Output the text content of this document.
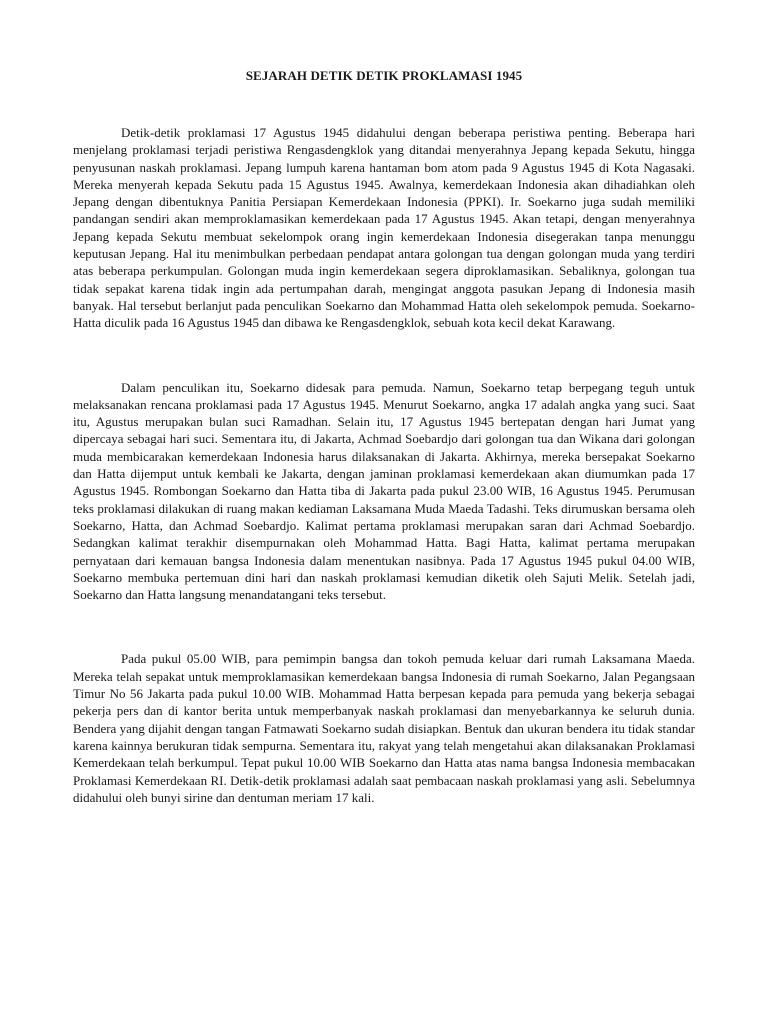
SEJARAH DETIK DETIK PROKLAMASI 1945

Detik-detik proklamasi 17 Agustus 1945 didahului dengan beberapa peristiwa penting. Beberapa hari menjelang proklamasi terjadi peristiwa Rengasdengklok yang ditandai menyerahnya Jepang kepada Sekutu, hingga penyusunan naskah proklamasi. Jepang lumpuh karena hantaman bom atom pada 9 Agustus 1945 di Kota Nagasaki. Mereka menyerah kepada Sekutu pada 15 Agustus 1945. Awalnya, kemerdekaan Indonesia akan dihadiahkan oleh Jepang dengan dibentuknya Panitia Persiapan Kemerdekaan Indonesia (PPKI). Ir. Soekarno juga sudah memiliki pandangan sendiri akan memproklamasikan kemerdekaan pada 17 Agustus 1945. Akan tetapi, dengan menyerahnya Jepang kepada Sekutu membuat sekelompok orang ingin kemerdekaan Indonesia disegerakan tanpa menunggu keputusan Jepang. Hal itu menimbulkan perbedaan pendapat antara golongan tua dengan golongan muda yang terdiri atas beberapa perkumpulan. Golongan muda ingin kemerdekaan segera diproklamasikan. Sebaliknya, golongan tua tidak sepakat karena tidak ingin ada pertumpahan darah, mengingat anggota pasukan Jepang di Indonesia masih banyak. Hal tersebut berlanjut pada penculikan Soekarno dan Mohammad Hatta oleh sekelompok pemuda. Soekarno-Hatta diculik pada 16 Agustus 1945 dan dibawa ke Rengasdengklok, sebuah kota kecil dekat Karawang.

Dalam penculikan itu, Soekarno didesak para pemuda. Namun, Soekarno tetap berpegang teguh untuk melaksanakan rencana proklamasi pada 17 Agustus 1945. Menurut Soekarno, angka 17 adalah angka yang suci. Saat itu, Agustus merupakan bulan suci Ramadhan. Selain itu, 17 Agustus 1945 bertepatan dengan hari Jumat yang dipercaya sebagai hari suci. Sementara itu, di Jakarta, Achmad Soebardjo dari golongan tua dan Wikana dari golongan muda membicarakan kemerdekaan Indonesia harus dilaksanakan di Jakarta. Akhirnya, mereka bersepakat Soekarno dan Hatta dijemput untuk kembali ke Jakarta, dengan jaminan proklamasi kemerdekaan akan diumumkan pada 17 Agustus 1945. Rombongan Soekarno dan Hatta tiba di Jakarta pada pukul 23.00 WIB, 16 Agustus 1945. Perumusan teks proklamasi dilakukan di ruang makan kediaman Laksamana Muda Maeda Tadashi. Teks dirumuskan bersama oleh Soekarno, Hatta, dan Achmad Soebardjo. Kalimat pertama proklamasi merupakan saran dari Achmad Soebardjo. Sedangkan kalimat terakhir disempurnakan oleh Mohammad Hatta. Bagi Hatta, kalimat pertama merupakan pernyataan dari kemauan bangsa Indonesia dalam menentukan nasibnya. Pada 17 Agustus 1945 pukul 04.00 WIB, Soekarno membuka pertemuan dini hari dan naskah proklamasi kemudian diketik oleh Sajuti Melik. Setelah jadi, Soekarno dan Hatta langsung menandatangani teks tersebut.

Pada pukul 05.00 WIB, para pemimpin bangsa dan tokoh pemuda keluar dari rumah Laksamana Maeda. Mereka telah sepakat untuk memproklamasikan kemerdekaan bangsa Indonesia di rumah Soekarno, Jalan Pegangsaan Timur No 56 Jakarta pada pukul 10.00 WIB. Mohammad Hatta berpesan kepada para pemuda yang bekerja sebagai pekerja pers dan di kantor berita untuk memperbanyak naskah proklamasi dan menyebarkannya ke seluruh dunia. Bendera yang dijahit dengan tangan Fatmawati Soekarno sudah disiapkan. Bentuk dan ukuran bendera itu tidak standar karena kainnya berukuran tidak sempurna. Sementara itu, rakyat yang telah mengetahui akan dilaksanakan Proklamasi Kemerdekaan telah berkumpul. Tepat pukul 10.00 WIB Soekarno dan Hatta atas nama bangsa Indonesia membacakan Proklamasi Kemerdekaan RI. Detik-detik proklamasi adalah saat pembacaan naskah proklamasi yang asli. Sebelumnya didahului oleh bunyi sirine dan dentuman meriam 17 kali.
